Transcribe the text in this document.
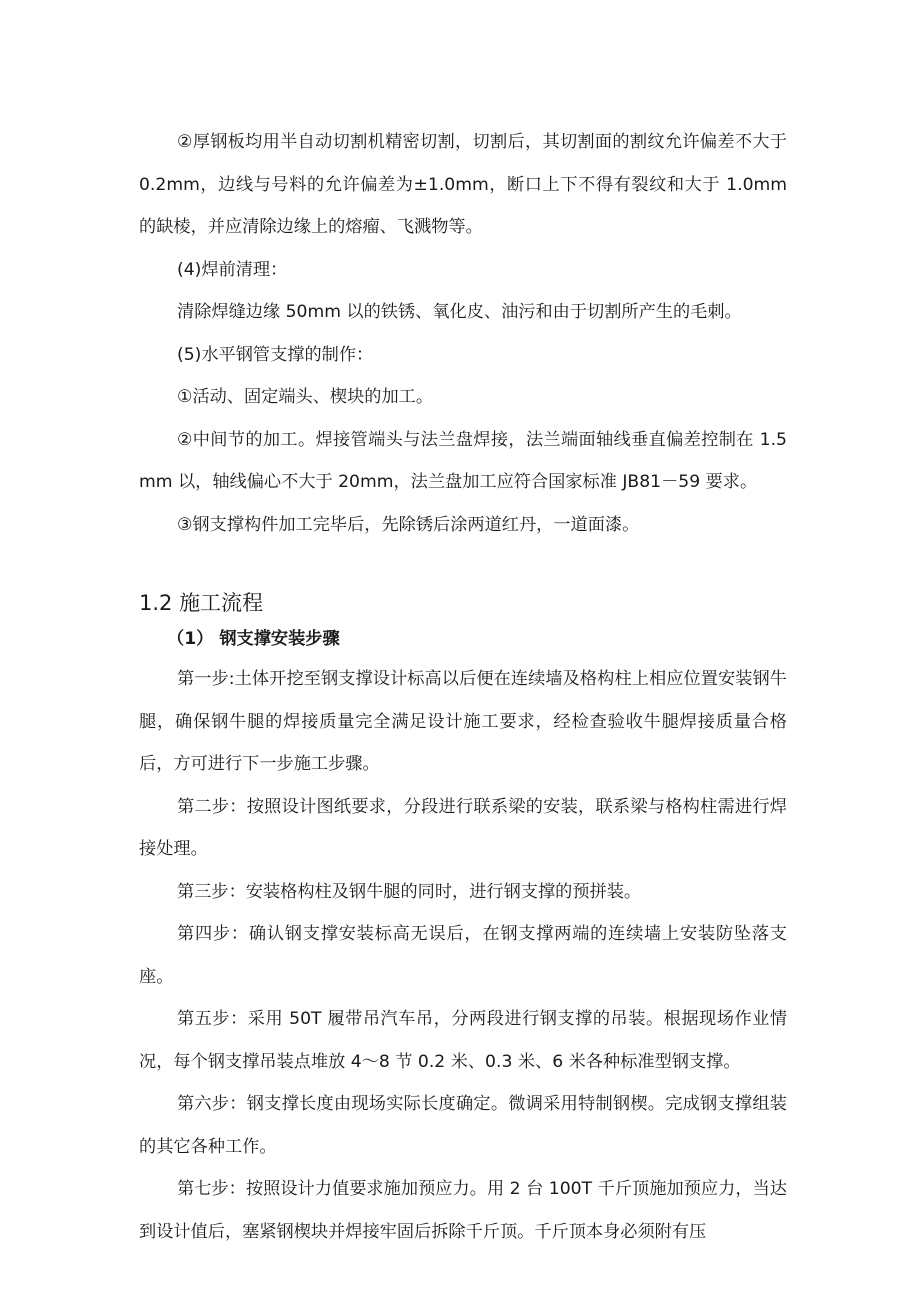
②厚钢板均用半自动切割机精密切割，切割后，其切割面的割纹允许偏差不大于 0.2mm，边线与号料的允许偏差为±1.0mm，断口上下不得有裂纹和大于 1.0mm 的缺棱，并应清除边缘上的熔瘤、飞溅物等。

(4)焊前清理：

清除焊缝边缘 50mm 以的铁锈、氧化皮、油污和由于切割所产生的毛刺。

(5)水平钢管支撑的制作：

①活动、固定端头、楔块的加工。

②中间节的加工。焊接管端头与法兰盘焊接，法兰端面轴线垂直偏差控制在 1.5mm 以，轴线偏心不大于 20mm，法兰盘加工应符合国家标准 JB81－59 要求。

③钢支撑构件加工完毕后，先除锈后涂两道红丹，一道面漆。

1.2 施工流程
（1） 钢支撑安装步骤

第一步:土体开挖至钢支撑设计标高以后便在连续墙及格构柱上相应位置安装钢牛腿，确保钢牛腿的焊接质量完全满足设计施工要求，经检查验收牛腿焊接质量合格后，方可进行下一步施工步骤。

第二步：按照设计图纸要求，分段进行联系梁的安装，联系梁与格构柱需进行焊接处理。

第三步：安装格构柱及钢牛腿的同时，进行钢支撑的预拼装。

第四步：确认钢支撑安装标高无误后，在钢支撑两端的连续墙上安装防坠落支座。

第五步：采用 50T 履带吊汽车吊，分两段进行钢支撑的吊装。根据现场作业情况，每个钢支撑吊装点堆放 4～8 节 0.2 米、0.3 米、6 米各种标准型钢支撑。

第六步：钢支撑长度由现场实际长度确定。微调采用特制钢楔。完成钢支撑组装的其它各种工作。

第七步：按照设计力值要求施加预应力。用 2 台 100T 千斤顶施加预应力，当达到设计值后，塞紧钢楔块并焊接牢固后拆除千斤顶。千斤顶本身必须附有压
